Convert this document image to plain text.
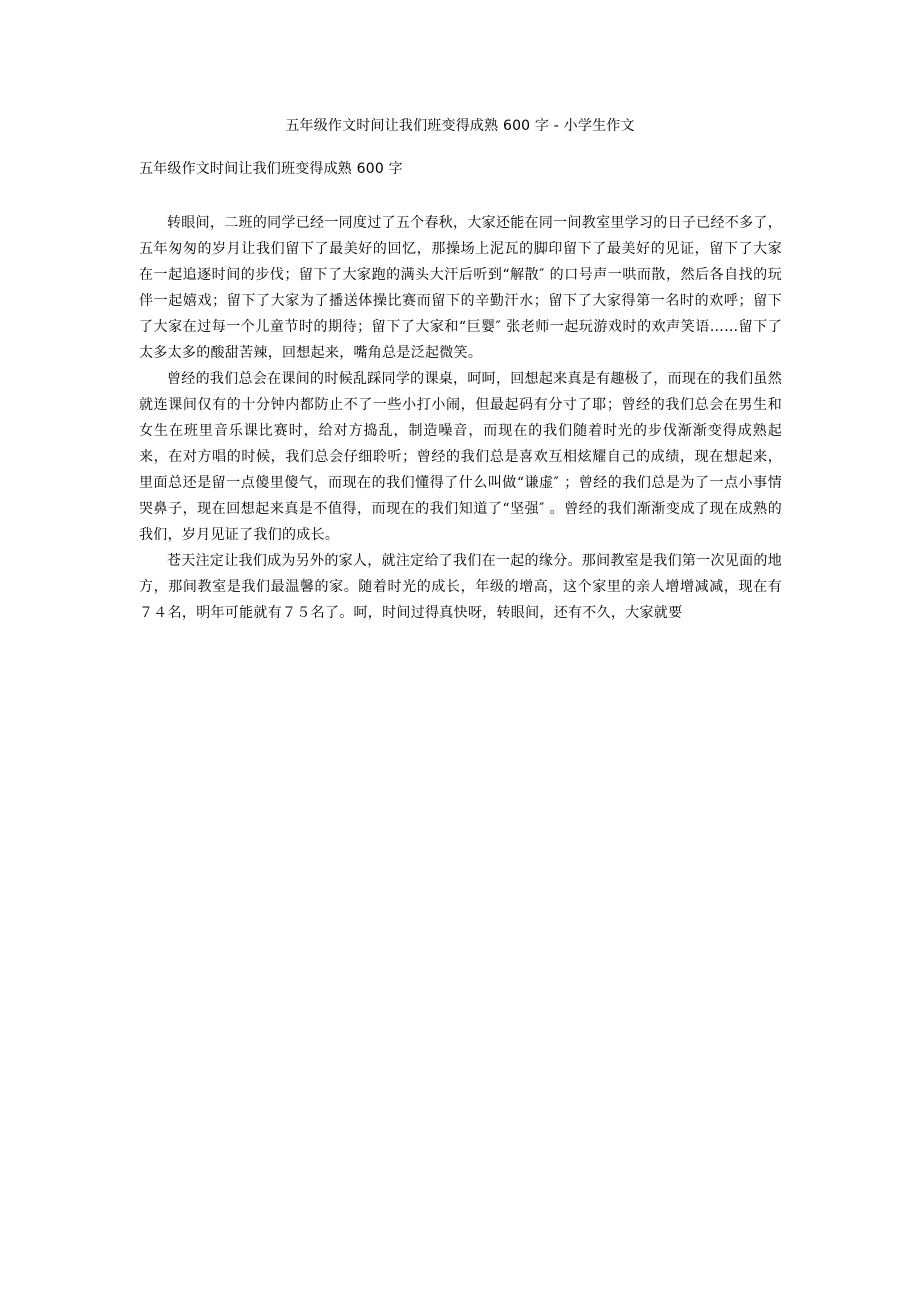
五年级作文时间让我们班变得成熟 600 字 - 小学生作文
五年级作文时间让我们班变得成熟 600 字

转眼间，二班的同学已经一同度过了五个春秋，大家还能在同一间教室里学习的日子已经不多了，五年匆匆的岁月让我们留下了最美好的回忆，那操场上泥瓦的脚印留下了最美好的见证，留下了大家在一起追逐时间的步伐；留下了大家跑的满头大汗后听到“解散″ 的口号声一哄而散，然后各自找的玩伴一起嬉戏；留下了大家为了播送体操比赛而留下的辛勤汗水；留下了大家得第一名时的欢呼；留下了大家在过每一个儿童节时的期待；留下了大家和“巨婴″ 张老师一起玩游戏时的欢声笑语……留下了太多太多的酸甜苦辣，回想起来，嘴角总是泛起微笑。

曾经的我们总会在课间的时候乱踩同学的课桌，呵呵，回想起来真是有趣极了，而现在的我们虽然就连课间仅有的十分钟内都防止不了一些小打小闹，但最起码有分寸了耶；曾经的我们总会在男生和女生在班里音乐课比赛时，给对方捣乱，制造噪音，而现在的我们随着时光的步伐渐渐变得成熟起来，在对方唱的时候，我们总会仔细聆听；曾经的我们总是喜欢互相炫耀自己的成绩，现在想起来，里面总还是留一点傻里傻气，而现在的我们懂得了什么叫做“谦虚″ ；曾经的我们总是为了一点小事情哭鼻子，现在回想起来真是不值得，而现在的我们知道了“坚强″ 。曾经的我们渐渐变成了现在成熟的我们，岁月见证了我们的成长。

苍天注定让我们成为另外的家人，就注定给了我们在一起的缘分。那间教室是我们第一次见面的地方，那间教室是我们最温馨的家。随着时光的成长，年级的增高，这个家里的亲人增增减减，现在有７４名，明年可能就有７５名了。呵，时间过得真快呀，转眼间，还有不久，大家就要
